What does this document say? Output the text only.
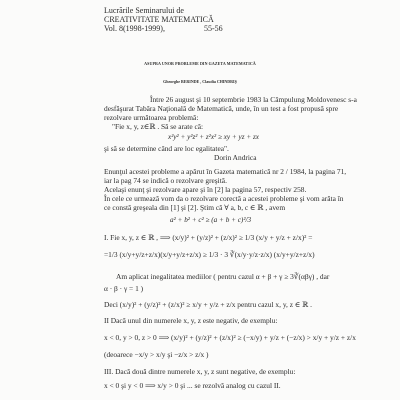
Lucrările Seminarului de
CREATIVITATE MATEMATICĂ
Vol. 8(1998-1999),	55-56
ASUPRA UNOR PROBLEME DIN GAZETA MATEMATICĂ
Gheorghe BERINDE , Claudia CHINDRIŞ
Între 26 august şi 10 septembrie 1983 la Câmpulung Moldovenesc s-a
desfăşurat Tabăra Naţională de Matematică, unde, în un test a fost propusă spre
rezolvare următoarea problemă:
"Fie x, y, z∈ℝ . Să se arate că:
x²y² + y²z² + z²x² ≥ xy + yz + zx
şi să se determine când are loc egalitatea".
Dorin Andrica
Enunţul acestei probleme a apărut în Gazeta matematică nr 2 / 1984, la pagina 71,
iar la pag 74 se indică o rezolvare greşită.
Acelaşi enunţ şi rezolvare apare şi în [2] la pagina 57, respectiv 258.
În cele ce urmează vom da o rezolvare corectă a acestei probleme şi vom arăta în
ce constă greşeala din [1] şi [2]. Ştim că ∀ a, b, c ∈ ℝ , avem
a² + b² + c² ≥ (a + b + c)²/3
I. Fie x, y, z ∈ ℝ , ⟹ (x/y)² + (y/z)² + (z/x)² ≥ 1/3 (x/y + y/z + z/x)² =
=1/3 (x/y+y/z+z/x)(x/y+y/z+z/x) ≥ 1/3 · 3 ∛(x/y·y/z·z/x) (x/y+y/z+z/x)
Am aplicat inegalitatea mediilor ( pentru cazul α + β + γ ≥ 3∛(αβγ) , dar
α · β · γ = 1 )
Deci (x/y)² + (y/z)² + (z/x)² ≥ x/y + y/z + z/x pentru cazul x, y, z ∈ ℝ .
II Dacă unul din numerele x, y, z este negativ, de exemplu:
x < 0, y > 0, z > 0 ⟹ (x/y)² + (y/z)² + (z/x)² ≥ (−x/y) + y/z + (−z/x) > x/y + y/z + z/x
(deoarece −x/y > x/y şi −z/x > z/x )
III. Dacă două dintre numerele x, y, z sunt negative, de exemplu:
x < 0 şi y < 0 ⟹ x/y > 0 şi ... se rezolvă analog cu cazul II.
